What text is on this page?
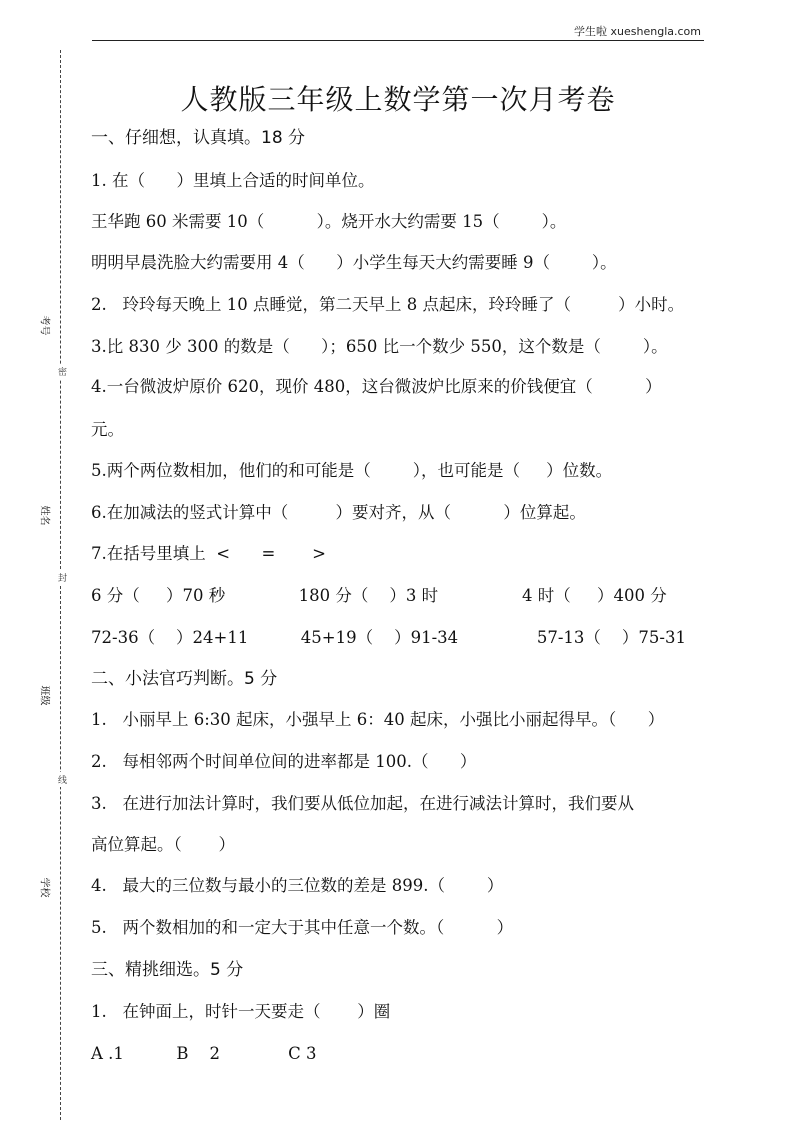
学生啦 xueshengla.com
考号
密
姓名
封
班级
线
学校
人教版三年级上数学第一次月考卷
一、仔细想，认真填。18 分
1. 在（      ）里填上合适的时间单位。
王华跑 60 米需要 10（          ）。烧开水大约需要 15（        ）。
明明早晨洗脸大约需要用 4（      ）小学生每天大约需要睡 9（        ）。
2.   玲玲每天晚上 10 点睡觉，第二天早上 8 点起床，玲玲睡了（         ）小时。
3.比 830 少 300 的数是（      ）；650 比一个数少 550，这个数是（        ）。
4.一台微波炉原价 620，现价 480，这台微波炉比原来的价钱便宜（          ）
元。
5.两个两位数相加，他们的和可能是（        ），也可能是（     ）位数。
6.在加减法的竖式计算中（         ）要对齐，从（          ）位算起。
7.在括号里填上  <      =       >
6 分（     ）70 秒              180 分（    ）3 时                4 时（     ）400 分
72-36（    ）24+11          45+19（    ）91-34               57-13（    ）75-31
二、小法官巧判断。5 分
1.   小丽早上 6:30 起床，小强早上 6：40 起床，小强比小丽起得早。（      ）
2.   每相邻两个时间单位间的进率都是 100.（      ）
3.   在进行加法计算时，我们要从低位加起，在进行减法计算时，我们要从
高位算起。（       ）
4.   最大的三位数与最小的三位数的差是 899.（        ）
5.   两个数相加的和一定大于其中任意一个数。（          ）
三、精挑细选。5 分
1.   在钟面上，时针一天要走（       ）圈
A .1          B    2             C 3
